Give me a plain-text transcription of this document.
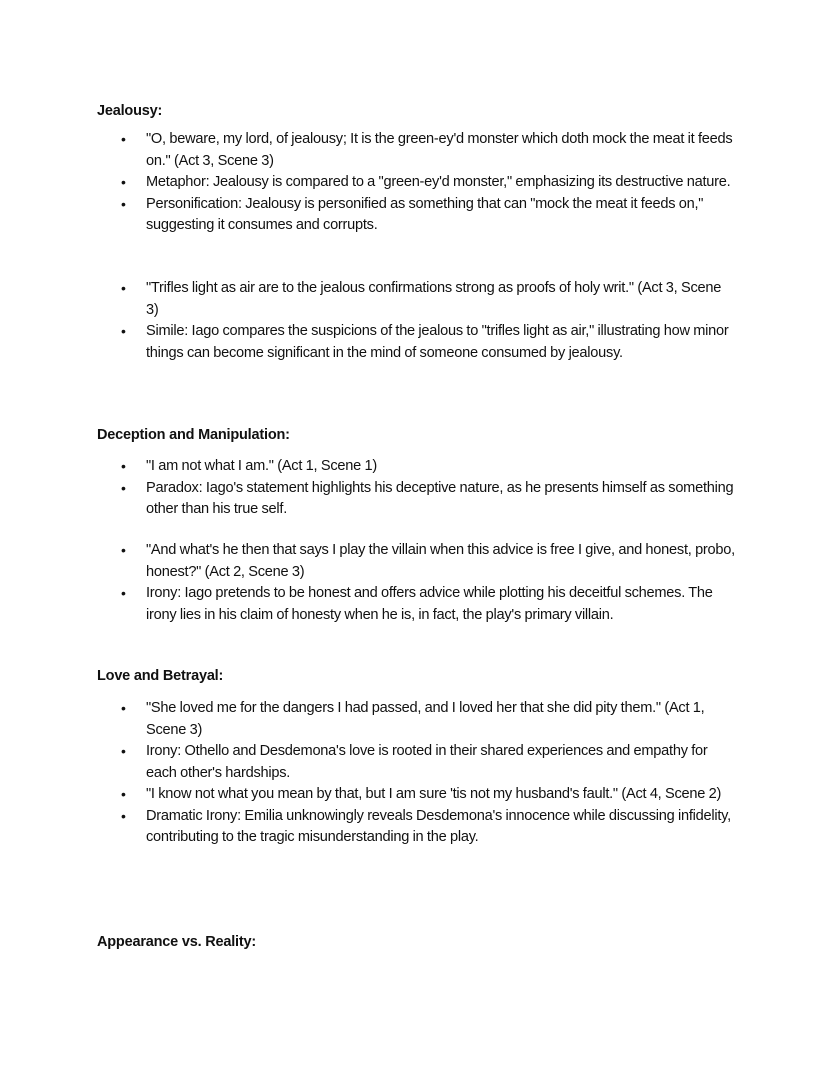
Jealousy:
• "O, beware, my lord, of jealousy; It is the green-ey'd monster which doth mock the meat it feeds on." (Act 3, Scene 3)
• Metaphor: Jealousy is compared to a "green-ey'd monster," emphasizing its destructive nature.
• Personification: Jealousy is personified as something that can "mock the meat it feeds on," suggesting it consumes and corrupts.
• "Trifles light as air are to the jealous confirmations strong as proofs of holy writ." (Act 3, Scene 3)
• Simile: Iago compares the suspicions of the jealous to "trifles light as air," illustrating how minor things can become significant in the mind of someone consumed by jealousy.
Deception and Manipulation:
• "I am not what I am." (Act 1, Scene 1)
• Paradox: Iago's statement highlights his deceptive nature, as he presents himself as something other than his true self.
• "And what's he then that says I play the villain when this advice is free I give, and honest, probo, honest?" (Act 2, Scene 3)
• Irony: Iago pretends to be honest and offers advice while plotting his deceitful schemes. The irony lies in his claim of honesty when he is, in fact, the play's primary villain.
Love and Betrayal:
• "She loved me for the dangers I had passed, and I loved her that she did pity them." (Act 1, Scene 3)
• Irony: Othello and Desdemona's love is rooted in their shared experiences and empathy for each other's hardships.
• "I know not what you mean by that, but I am sure 'tis not my husband's fault." (Act 4, Scene 2)
• Dramatic Irony: Emilia unknowingly reveals Desdemona's innocence while discussing infidelity, contributing to the tragic misunderstanding in the play.
Appearance vs. Reality:
